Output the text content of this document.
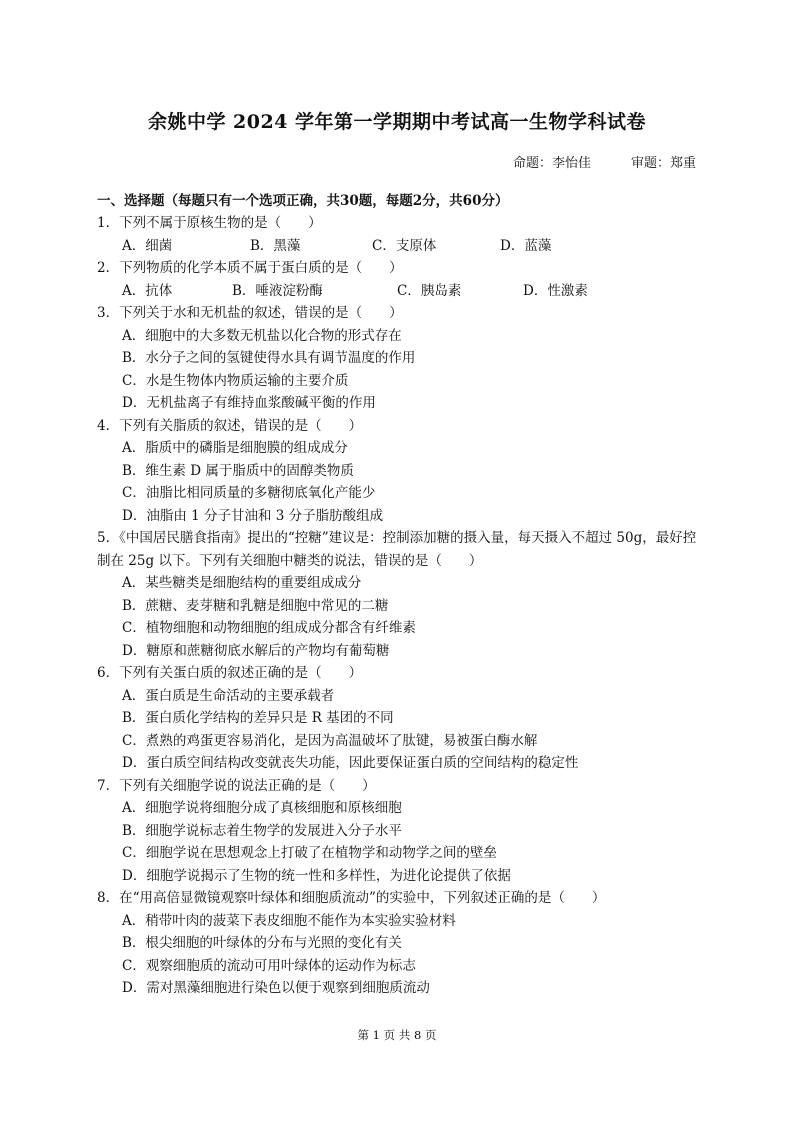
余姚中学 2024 学年第一学期期中考试高一生物学科试卷
命题：李怡佳	审题：郑重
一、选择题（每题只有一个选项正确，共30题，每题2分，共60分）
1．下列不属于原核生物的是（　　）
A．细菌	B．黑藻	C．支原体	D．蓝藻
2．下列物质的化学本质不属于蛋白质的是（　　）
A．抗体	B．唾液淀粉酶	C．胰岛素	D．性激素
3．下列关于水和无机盐的叙述，错误的是（　　）
A．细胞中的大多数无机盐以化合物的形式存在
B．水分子之间的氢键使得水具有调节温度的作用
C．水是生物体内物质运输的主要介质
D．无机盐离子有维持血浆酸碱平衡的作用
4．下列有关脂质的叙述，错误的是（　　）
A．脂质中的磷脂是细胞膜的组成成分
B．维生素 D 属于脂质中的固醇类物质
C．油脂比相同质量的多糖彻底氧化产能少
D．油脂由 1 分子甘油和 3 分子脂肪酸组成
5．《中国居民膳食指南》提出的“控糖”建议是：控制添加糖的摄入量，每天摄入不超过 50g，最好控制在 25g 以下。下列有关细胞中糖类的说法，错误的是（　　）
A．某些糖类是细胞结构的重要组成成分
B．蔗糖、麦芽糖和乳糖是细胞中常见的二糖
C．植物细胞和动物细胞的组成成分都含有纤维素
D．糖原和蔗糖彻底水解后的产物均有葡萄糖
6．下列有关蛋白质的叙述正确的是（　　）
A．蛋白质是生命活动的主要承载者
B．蛋白质化学结构的差异只是 R 基团的不同
C．煮熟的鸡蛋更容易消化，是因为高温破坏了肽键，易被蛋白酶水解
D．蛋白质空间结构改变就丧失功能，因此要保证蛋白质的空间结构的稳定性
7．下列有关细胞学说的说法正确的是（　　）
A．细胞学说将细胞分成了真核细胞和原核细胞
B．细胞学说标志着生物学的发展进入分子水平
C．细胞学说在思想观念上打破了在植物学和动物学之间的壁垒
D．细胞学说揭示了生物的统一性和多样性，为进化论提供了依据
8．在“用高倍显微镜观察叶绿体和细胞质流动”的实验中，下列叙述正确的是（　　）
A．稍带叶肉的菠菜下表皮细胞不能作为本实验实验材料
B．根尖细胞的叶绿体的分布与光照的变化有关
C．观察细胞质的流动可用叶绿体的运动作为标志
D．需对黑藻细胞进行染色以便于观察到细胞质流动
第 1 页 共 8 页
